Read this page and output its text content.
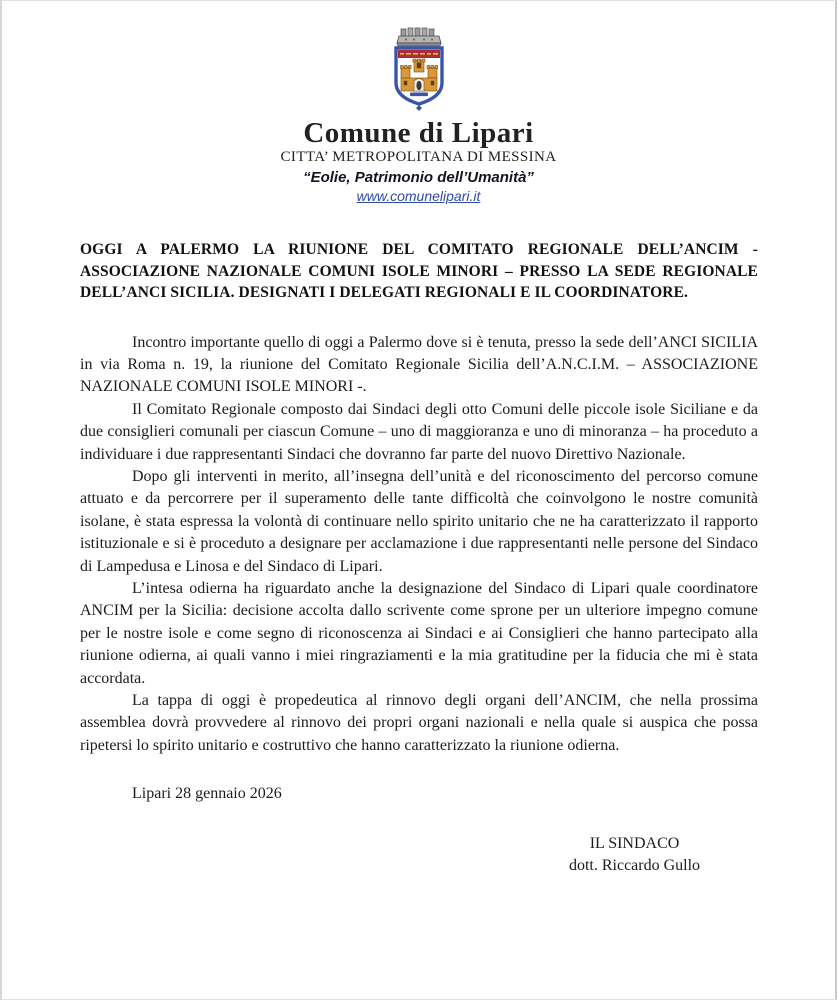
Comune di Lipari
CITTA’ METROPOLITANA DI MESSINA
“Eolie, Patrimonio dell’Umanità”
www.comunelipari.it
OGGI A PALERMO LA RIUNIONE DEL COMITATO REGIONALE DELL’ANCIM - ASSOCIAZIONE NAZIONALE COMUNI ISOLE MINORI – PRESSO LA SEDE REGIONALE DELL’ANCI SICILIA. DESIGNATI I DELEGATI REGIONALI E IL COORDINATORE.

Incontro importante quello di oggi a Palermo dove si è tenuta, presso la sede dell’ANCI SICILIA in via Roma n. 19, la riunione del Comitato Regionale Sicilia dell’A.N.C.I.M. – ASSOCIAZIONE NAZIONALE COMUNI ISOLE MINORI -.

Il Comitato Regionale composto dai Sindaci degli otto Comuni delle piccole isole Siciliane e da due consiglieri comunali per ciascun Comune – uno di maggioranza e uno di minoranza – ha proceduto a individuare i due rappresentanti Sindaci che dovranno far parte del nuovo Direttivo Nazionale.

Dopo gli interventi in merito, all’insegna dell’unità e del riconoscimento del percorso comune attuato e da percorrere per il superamento delle tante difficoltà che coinvolgono le nostre comunità isolane, è stata espressa la volontà di continuare nello spirito unitario che ne ha caratterizzato il rapporto istituzionale e si è proceduto a designare per acclamazione i due rappresentanti nelle persone del Sindaco di Lampedusa e Linosa e del Sindaco di Lipari.

L’intesa odierna ha riguardato anche la designazione del Sindaco di Lipari quale coordinatore ANCIM per la Sicilia: decisione accolta dallo scrivente come sprone per un ulteriore impegno comune per le nostre isole e come segno di riconoscenza ai Sindaci e ai Consiglieri che hanno partecipato alla riunione odierna, ai quali vanno i miei ringraziamenti e la mia gratitudine per la fiducia che mi è stata accordata.

La tappa di oggi è propedeutica al rinnovo degli organi dell’ANCIM, che nella prossima assemblea dovrà provvedere al rinnovo dei propri organi nazionali e nella quale si auspica che possa ripetersi lo spirito unitario e costruttivo che hanno caratterizzato la riunione odierna.

Lipari 28 gennaio 2026
IL SINDACO
dott. Riccardo Gullo
